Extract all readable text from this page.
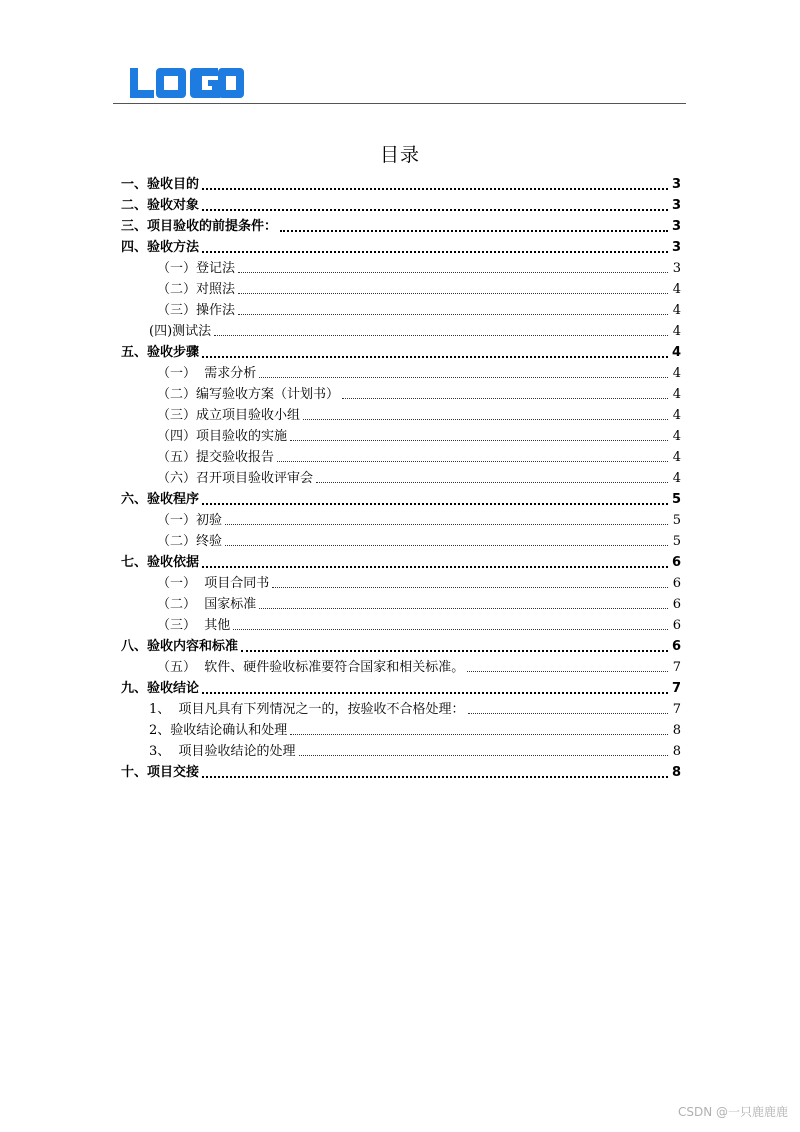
目录
一、验收目的	3
二、验收对象	3
三、项目验收的前提条件：	3
四、验收方法	3
（一）登记法	3
（二）对照法	4
（三）操作法	4
(四)测试法	4
五、验收步骤	4
（一）  需求分析	4
（二）编写验收方案（计划书）	4
（三）成立项目验收小组	4
（四）项目验收的实施	4
（五）提交验收报告	4
（六）召开项目验收评审会	4
六、验收程序	5
（一）初验	5
（二）终验	5
七、验收依据	6
（一）  项目合同书	6
（二）  国家标准	6
（三）  其他	6
八、验收内容和标准	6
（五）  软件、硬件验收标准要符合国家和相关标准。	7
九、验收结论	7
1、  项目凡具有下列情况之一的，按验收不合格处理：	7
2、验收结论确认和处理	8
3、  项目验收结论的处理	8
十、项目交接	8
CSDN @一只鹿鹿鹿
